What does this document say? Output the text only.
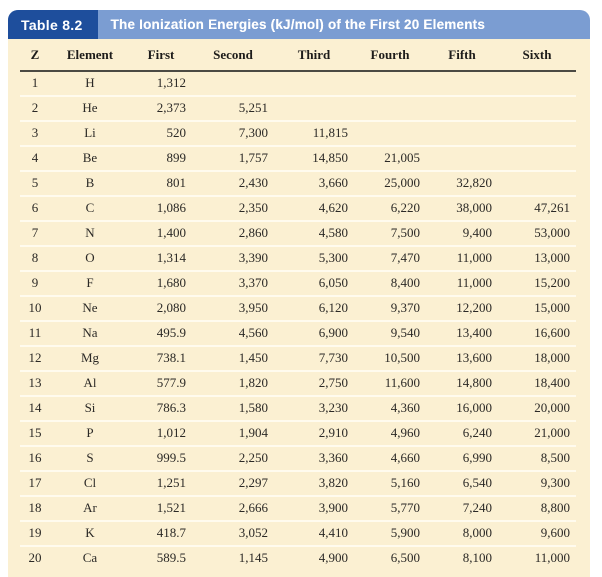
Table 8.2	The Ionization Energies (kJ/mol) of the First 20 Elements
Z	Element	First	Second	Third	Fourth	Fifth	Sixth
1	H	1,312					
2	He	2,373	5,251				
3	Li	520	7,300	11,815			
4	Be	899	1,757	14,850	21,005		
5	B	801	2,430	3,660	25,000	32,820	
6	C	1,086	2,350	4,620	6,220	38,000	47,261
7	N	1,400	2,860	4,580	7,500	9,400	53,000
8	O	1,314	3,390	5,300	7,470	11,000	13,000
9	F	1,680	3,370	6,050	8,400	11,000	15,200
10	Ne	2,080	3,950	6,120	9,370	12,200	15,000
11	Na	495.9	4,560	6,900	9,540	13,400	16,600
12	Mg	738.1	1,450	7,730	10,500	13,600	18,000
13	Al	577.9	1,820	2,750	11,600	14,800	18,400
14	Si	786.3	1,580	3,230	4,360	16,000	20,000
15	P	1,012	1,904	2,910	4,960	6,240	21,000
16	S	999.5	2,250	3,360	4,660	6,990	8,500
17	Cl	1,251	2,297	3,820	5,160	6,540	9,300
18	Ar	1,521	2,666	3,900	5,770	7,240	8,800
19	K	418.7	3,052	4,410	5,900	8,000	9,600
20	Ca	589.5	1,145	4,900	6,500	8,100	11,000
